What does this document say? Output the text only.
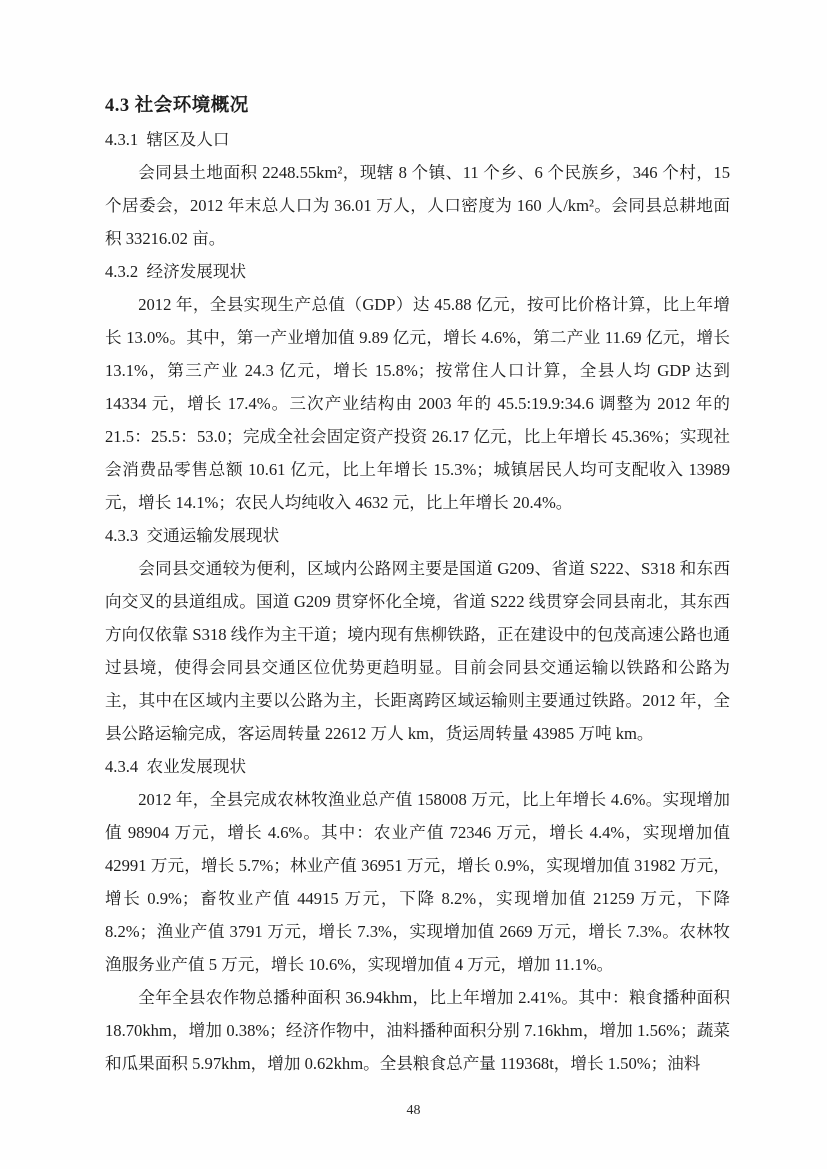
4.3 社会环境概况
4.3.1  辖区及人口

会同县土地面积 2248.55km²，现辖 8 个镇、11 个乡、6 个民族乡，346 个村，15 个居委会，2012 年末总人口为 36.01 万人，人口密度为 160 人/km²。会同县总耕地面积 33216.02 亩。

4.3.2  经济发展现状

2012 年，全县实现生产总值（GDP）达 45.88 亿元，按可比价格计算，比上年增长 13.0%。其中，第一产业增加值 9.89 亿元，增长 4.6%，第二产业 11.69 亿元，增长 13.1%，第三产业 24.3 亿元，增长 15.8%；按常住人口计算，全县人均 GDP 达到 14334 元，增长 17.4%。三次产业结构由 2003 年的 45.5:19.9:34.6 调整为 2012 年的 21.5：25.5：53.0；完成全社会固定资产投资 26.17 亿元，比上年增长 45.36%；实现社会消费品零售总额 10.61 亿元，比上年增长 15.3%；城镇居民人均可支配收入 13989 元，增长 14.1%；农民人均纯收入 4632 元，比上年增长 20.4%。

4.3.3  交通运输发展现状

会同县交通较为便利，区域内公路网主要是国道 G209、省道 S222、S318 和东西向交叉的县道组成。国道 G209 贯穿怀化全境，省道 S222 线贯穿会同县南北，其东西方向仅依靠 S318 线作为主干道；境内现有焦柳铁路，正在建设中的包茂高速公路也通过县境，使得会同县交通区位优势更趋明显。目前会同县交通运输以铁路和公路为主，其中在区域内主要以公路为主，长距离跨区域运输则主要通过铁路。2012 年，全县公路运输完成，客运周转量 22612 万人 km，货运周转量 43985 万吨 km。

4.3.4  农业发展现状

2012 年，全县完成农林牧渔业总产值 158008 万元，比上年增长 4.6%。实现增加值 98904 万元，增长 4.6%。其中：农业产值 72346 万元，增长 4.4%，实现增加值 42991 万元，增长 5.7%；林业产值 36951 万元，增长 0.9%，实现增加值 31982 万元，增长 0.9%；畜牧业产值 44915 万元，下降 8.2%，实现增加值 21259 万元，下降 8.2%；渔业产值 3791 万元，增长 7.3%，实现增加值 2669 万元，增长 7.3%。农林牧渔服务业产值 5 万元，增长 10.6%，实现增加值 4 万元，增加 11.1%。

全年全县农作物总播种面积 36.94khm，比上年增加 2.41%。其中：粮食播种面积 18.70khm，增加 0.38%；经济作物中，油料播种面积分别 7.16khm，增加 1.56%；蔬菜和瓜果面积 5.97khm，增加 0.62khm。全县粮食总产量 119368t，增长 1.50%；油料

48
